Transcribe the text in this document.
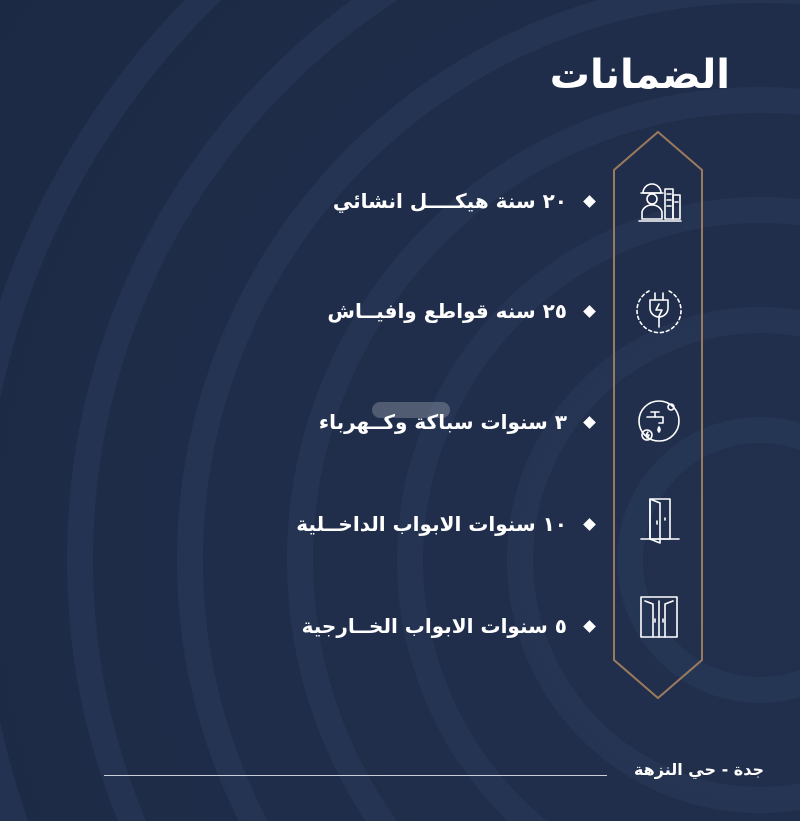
الضمانات
٢٠ سنة هيكــــل انشائي
٢٥ سنه قواطع وافيــاش
٣ سنوات سباكة وكــهرباء
١٠ سنوات الابواب الداخــلية
٥ سنوات الابواب الخــارجية
جدة - حي النزهة
